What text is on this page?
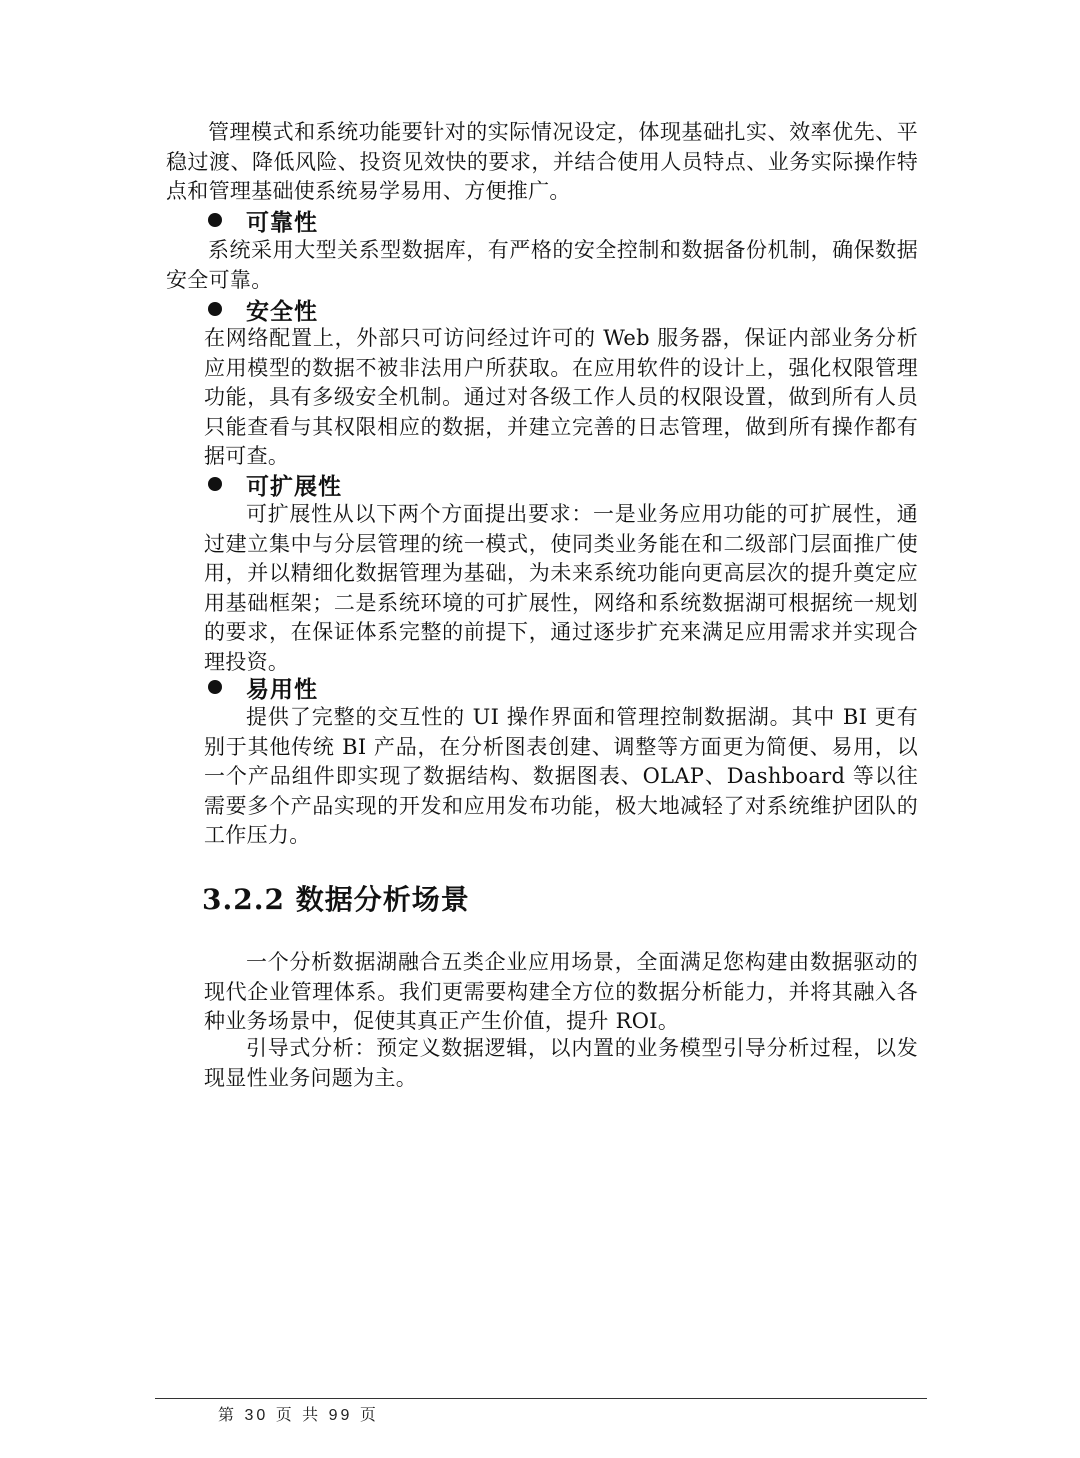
管理模式和系统功能要针对的实际情况设定，体现基础扎实、效率优先、平稳过渡、降低风险、投资见效快的要求，并结合使用人员特点、业务实际操作特点和管理基础使系统易学易用、方便推广。

可靠性

系统采用大型关系型数据库，有严格的安全控制和数据备份机制，确保数据安全可靠。

安全性

在网络配置上，外部只可访问经过许可的 Web 服务器，保证内部业务分析应用模型的数据不被非法用户所获取。在应用软件的设计上，强化权限管理功能，具有多级安全机制。通过对各级工作人员的权限设置，做到所有人员只能查看与其权限相应的数据，并建立完善的日志管理，做到所有操作都有据可查。

可扩展性

可扩展性从以下两个方面提出要求：一是业务应用功能的可扩展性，通过建立集中与分层管理的统一模式，使同类业务能在和二级部门层面推广使用，并以精细化数据管理为基础，为未来系统功能向更高层次的提升奠定应用基础框架；二是系统环境的可扩展性，网络和系统数据湖可根据统一规划的要求，在保证体系完整的前提下，通过逐步扩充来满足应用需求并实现合理投资。

易用性

提供了完整的交互性的 UI 操作界面和管理控制数据湖。其中 BI 更有别于其他传统 BI 产品，在分析图表创建、调整等方面更为简便、易用，以一个产品组件即实现了数据结构、数据图表、OLAP、Dashboard 等以往需要多个产品实现的开发和应用发布功能，极大地减轻了对系统维护团队的工作压力。

3.2.2 数据分析场景

一个分析数据湖融合五类企业应用场景，全面满足您构建由数据驱动的现代企业管理体系。我们更需要构建全方位的数据分析能力，并将其融入各种业务场景中，促使其真正产生价值，提升 ROI。

引导式分析：预定义数据逻辑，以内置的业务模型引导分析过程，以发现显性业务问题为主。

第 30 页 共 99 页
